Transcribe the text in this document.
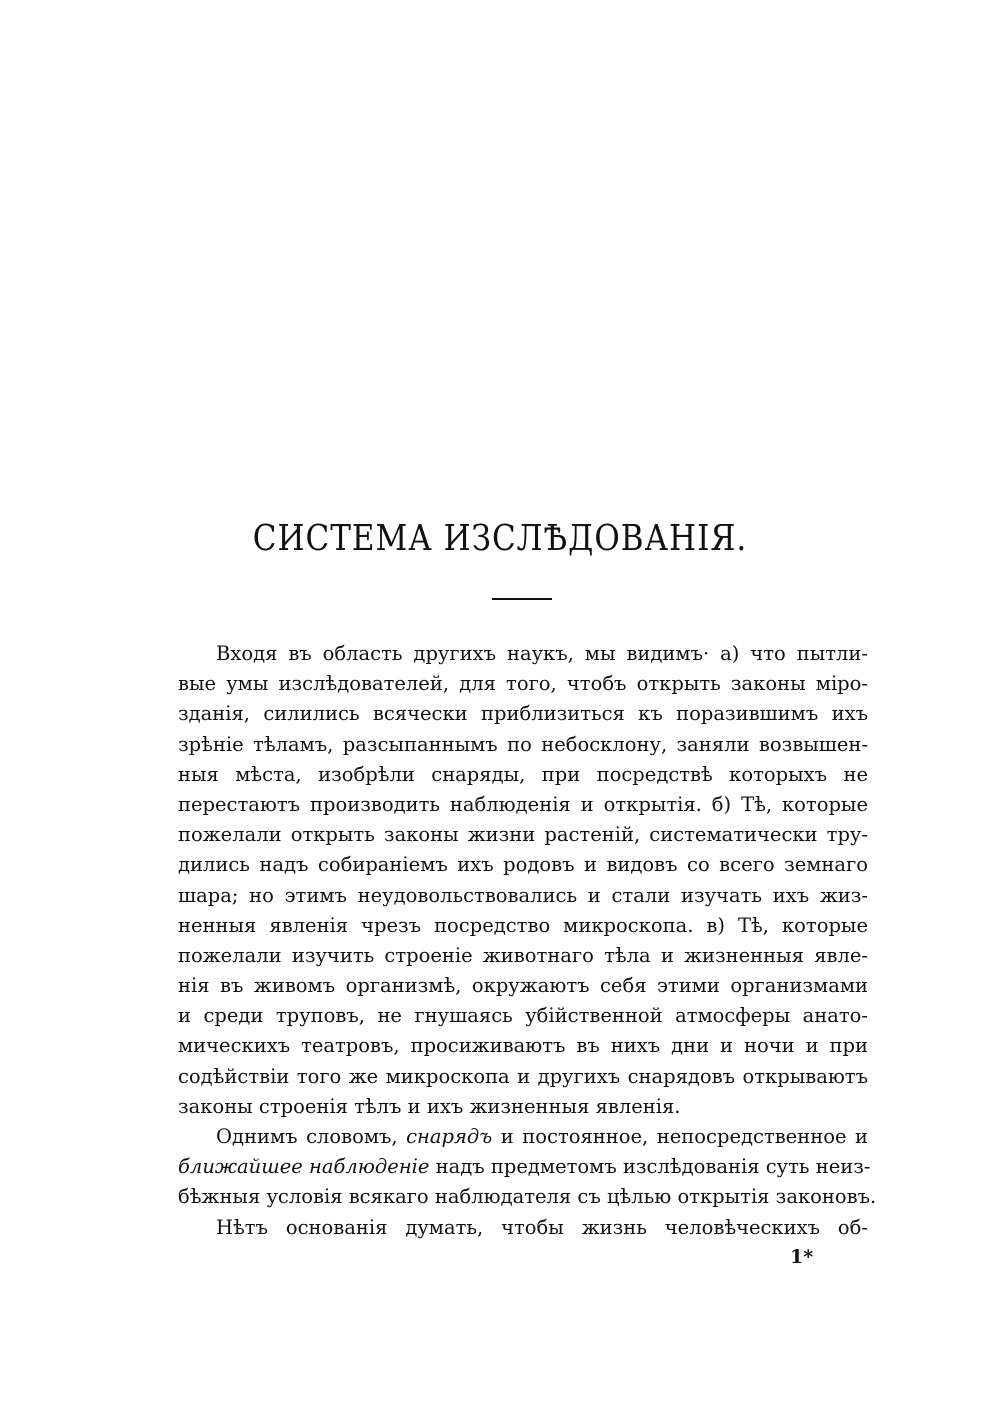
СИСТЕМА ИЗСЛѢДОВАНІЯ.
Входя въ область другихъ наукъ, мы видимъ· а) что пытли-
вые умы изслѣдователей, для того, чтобъ открыть законы міро-
зданія, силились всячески приблизиться къ поразившимъ ихъ
зрѣніе тѣламъ, разсыпаннымъ по небосклону, заняли возвышен-
ныя мѣста, изобрѣли снаряды, при посредствѣ которыхъ не
перестаютъ производить наблюденія и открытія. б) Тѣ, которые
пожелали открыть законы жизни растеній, систематически тру-
дились надъ собираніемъ ихъ родовъ и видовъ со всего земнаго
шара; но этимъ неудовольствовались и стали изучать ихъ жиз-
ненныя явленія чрезъ посредство микроскопа. в) Тѣ, которые
пожелали изучить строеніе животнаго тѣла и жизненныя явле-
нія въ живомъ организмѣ, окружаютъ себя этими организмами
и среди труповъ, не гнушаясь убійственной атмосферы анато-
мическихъ театровъ, просиживаютъ въ нихъ дни и ночи и при
содѣйствіи того же микроскопа и другихъ снарядовъ открываютъ
законы строенія тѣлъ и ихъ жизненныя явленія.
Однимъ словомъ, снарядъ и постоянное, непосредственное и
ближайшее наблюденіе надъ предметомъ изслѣдованія суть неиз-
бѣжныя условія всякаго наблюдателя съ цѣлью открытія законовъ.
Нѣтъ основанія думать, чтобы жизнь человѣческихъ об-
1*
